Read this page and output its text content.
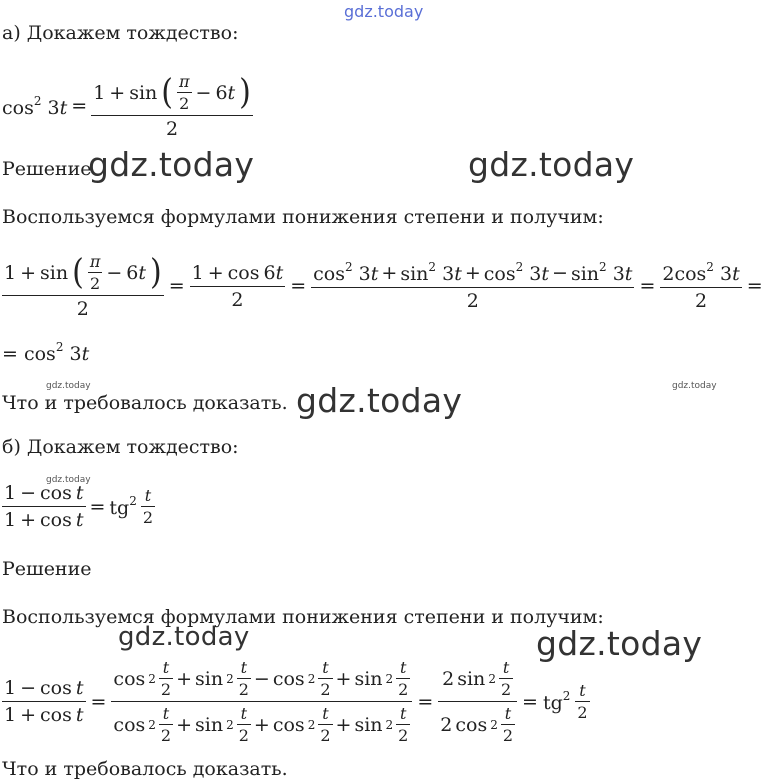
gdz.today
а) Докажем тождество:
$\cos^2 3t = \frac{1 + \sin ( \frac{\pi}{2} - 6t )}{2}$
Решение
gdz.today	gdz.today
Воспользуемся формулами понижения степени и получим:
$\frac{1 + \sin ( \frac{\pi}{2} - 6t )}{2} = \frac{1 + \cos 6t}{2}$ =
$\cos^2 3t + \sin^2 3t + \cos^2 3t - \sin^2 3t$
2
= $\frac{2\cos^2 3t}{2}$ =
= $\cos^2 3t$
gdz.today	gdz.today
Что и требовалось доказать. gdz.today
б) Докажем тождество:
gdz.today
$\frac{\text{1 − cos t}}{\text{1 + cos t}} = tg^2 \frac{t}{2}$
Решение
Воспользуемся формулами понижения степени и получим:
gdz.today	gdz.today
$\frac{\text{1 − cos t}}{\text{1 + cos t}}$ =
$\cos 2 \frac{t}{2} + \sin 2 \frac{t}{2} - \cos 2 \frac{t}{2} + \sin 2 \frac{t}{2}$
$\cos 2 \frac{t}{2} + \sin 2 \frac{t}{2} + \cos 2 \frac{t}{2} + \sin 2 \frac{t}{2}$
= $\frac{2 \sin 2 \frac{t}{2}}{2 \cos 2 \frac{t}{2}} = tg^2 \frac{t}{2}$
Что и требовалось доказать.
